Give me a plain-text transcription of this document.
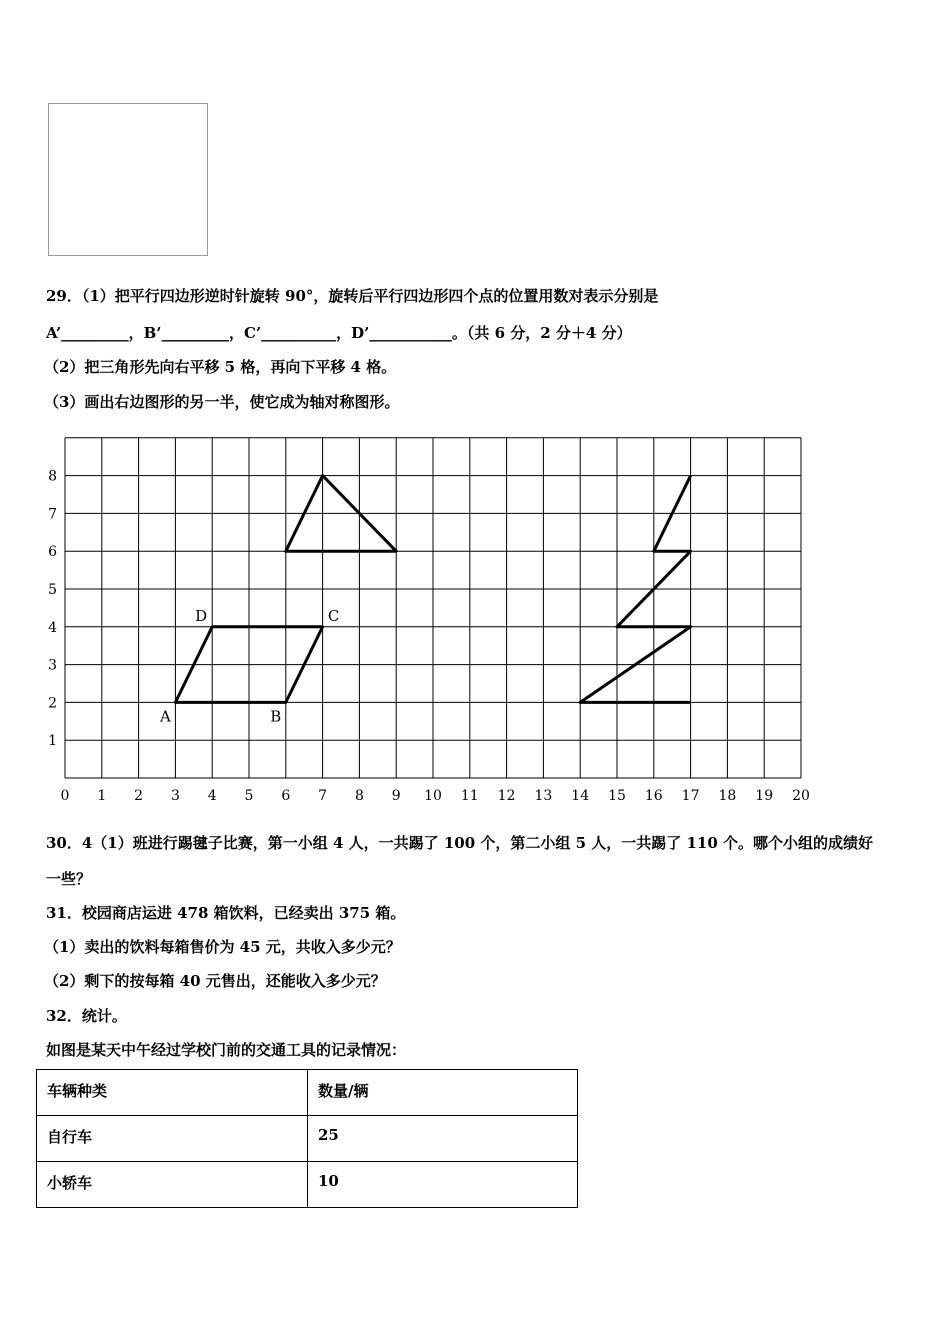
29．（1）把平行四边形逆时针旋转 90°，旋转后平行四边形四个点的位置用数对表示分别是
A’_________，B’_________，C’__________，D’___________。（共 6 分，2 分＋4 分）
（2）把三角形先向右平移 5 格，再向下平移 4 格。
（3）画出右边图形的另一半，使它成为轴对称图形。
0 1 2 3 4 5 6 7 8 9 10 11 12 13 14 15 16 17 18 19 20
1
2
3
4
5
6
7
8
A	B
C
D
30．4（1）班进行踢毽子比赛，第一小组 4 人，一共踢了 100 个，第二小组 5 人，一共踢了 110 个。哪个小组的成绩好
一些？
31．校园商店运进 478 箱饮料，已经卖出 375 箱。
（1）卖出的饮料每箱售价为 45 元，共收入多少元？
（2）剩下的按每箱 40 元售出，还能收入多少元？
32．统计。
如图是某天中午经过学校门前的交通工具的记录情况：
车辆种类	数量/辆
自行车	25
小轿车	10
